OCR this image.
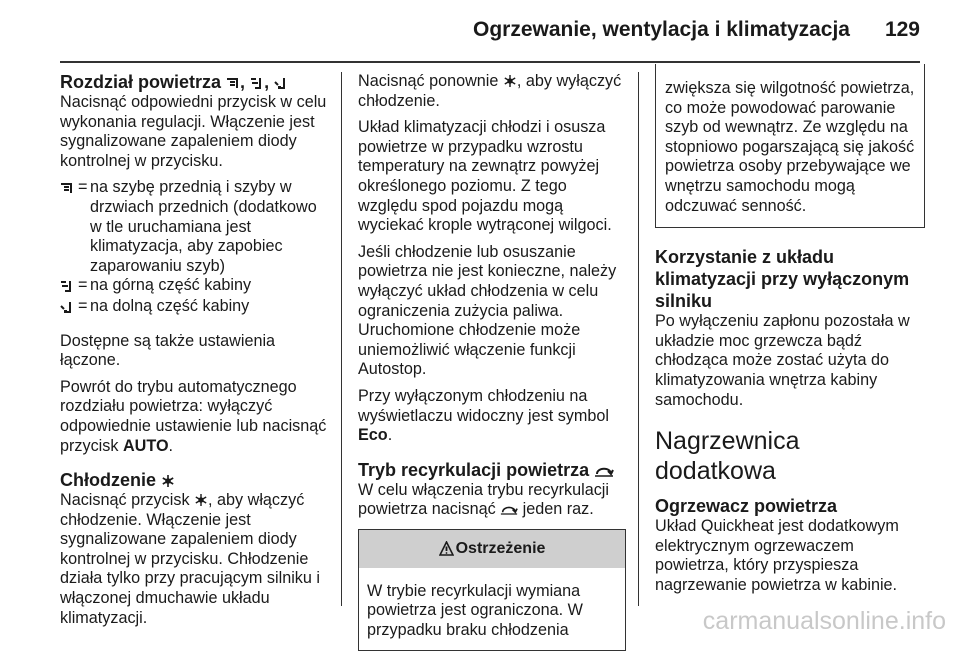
Ogrzewanie, wentylacja i klimatyzacja 129
Rozdział powietrza , ,

Nacisnąć odpowiedni przycisk w celu wykonania regulacji. Włączenie jest sygnalizowane zapaleniem diody kontrolnej w przycisku.

= na szybę przednią i szyby w drzwiach przednich (dodatkowo w tle uruchamiana jest klimatyzacja, aby zapobiec zaparowaniu szyb)
= na górną część kabiny
= na dolną część kabiny

Dostępne są także ustawienia łączone.

Powrót do trybu automatycznego rozdziału powietrza: wyłączyć odpowiednie ustawienie lub nacisnąć przycisk AUTO.

Chłodzenie

Nacisnąć przycisk , aby włączyć chłodzenie. Włączenie jest sygnalizowane zapaleniem diody kontrolnej w przycisku. Chłodzenie działa tylko przy pracującym silniku i włączonej dmuchawie układu klimatyzacji.

Nacisnąć ponownie , aby wyłączyć chłodzenie.

Układ klimatyzacji chłodzi i osusza powietrze w przypadku wzrostu temperatury na zewnątrz powyżej określonego poziomu. Z tego względu spod pojazdu mogą wyciekać krople wytrąconej wilgoci.

Jeśli chłodzenie lub osuszanie powietrza nie jest konieczne, należy wyłączyć układ chłodzenia w celu ograniczenia zużycia paliwa. Uruchomione chłodzenie może uniemożliwić włączenie funkcji Autostop.

Przy wyłączonym chłodzeniu na wyświetlaczu widoczny jest symbol Eco.

Tryb recyrkulacji powietrza

W celu włączenia trybu recyrkulacji powietrza nacisnąć jeden raz.

Ostrzeżenie
W trybie recyrkulacji wymiana powietrza jest ograniczona. W przypadku braku chłodzenia
zwiększa się wilgotność powietrza, co może powodować parowanie szyb od wewnątrz. Ze względu na stopniowo pogarszającą się jakość powietrza osoby przebywające we wnętrzu samochodu mogą odczuwać senność.
Korzystanie z układu klimatyzacji przy wyłączonym silniku

Po wyłączeniu zapłonu pozostała w układzie moc grzewcza bądź chłodząca może zostać użyta do klimatyzowania wnętrza kabiny samochodu.

Nagrzewnica dodatkowa
Ogrzewacz powietrza

Układ Quickheat jest dodatkowym elektrycznym ogrzewaczem powietrza, który przyspiesza nagrzewanie powietrza w kabinie.

carmanualsonline.info
